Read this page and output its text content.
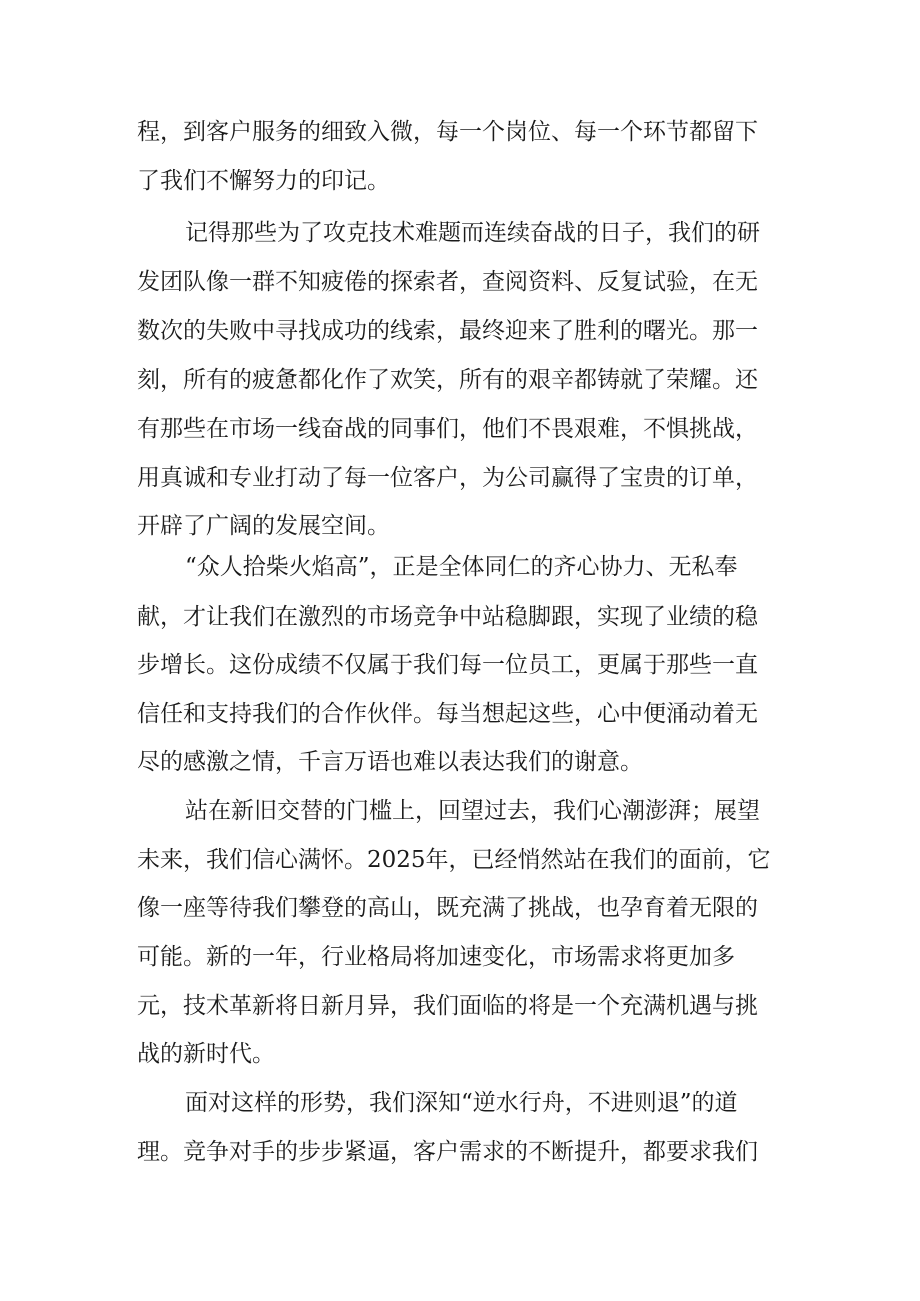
程，到客户服务的细致入微，每一个岗位、每一个环节都留下
了我们不懈努力的印记。
记得那些为了攻克技术难题而连续奋战的日子，我们的研
发团队像一群不知疲倦的探索者，查阅资料、反复试验，在无
数次的失败中寻找成功的线索，最终迎来了胜利的曙光。那一
刻，所有的疲惫都化作了欢笑，所有的艰辛都铸就了荣耀。还
有那些在市场一线奋战的同事们，他们不畏艰难，不惧挑战，
用真诚和专业打动了每一位客户，为公司赢得了宝贵的订单，
开辟了广阔的发展空间。
“众人拾柴火焰高”，正是全体同仁的齐心协力、无私奉
献，才让我们在激烈的市场竞争中站稳脚跟，实现了业绩的稳
步增长。这份成绩不仅属于我们每一位员工，更属于那些一直
信任和支持我们的合作伙伴。每当想起这些，心中便涌动着无
尽的感激之情，千言万语也难以表达我们的谢意。
站在新旧交替的门槛上，回望过去，我们心潮澎湃；展望
未来，我们信心满怀。2025年，已经悄然站在我们的面前，它
像一座等待我们攀登的高山，既充满了挑战，也孕育着无限的
可能。新的一年，行业格局将加速变化，市场需求将更加多
元，技术革新将日新月异，我们面临的将是一个充满机遇与挑
战的新时代。
面对这样的形势，我们深知“逆水行舟，不进则退”的道
理。竞争对手的步步紧逼，客户需求的不断提升，都要求我们
